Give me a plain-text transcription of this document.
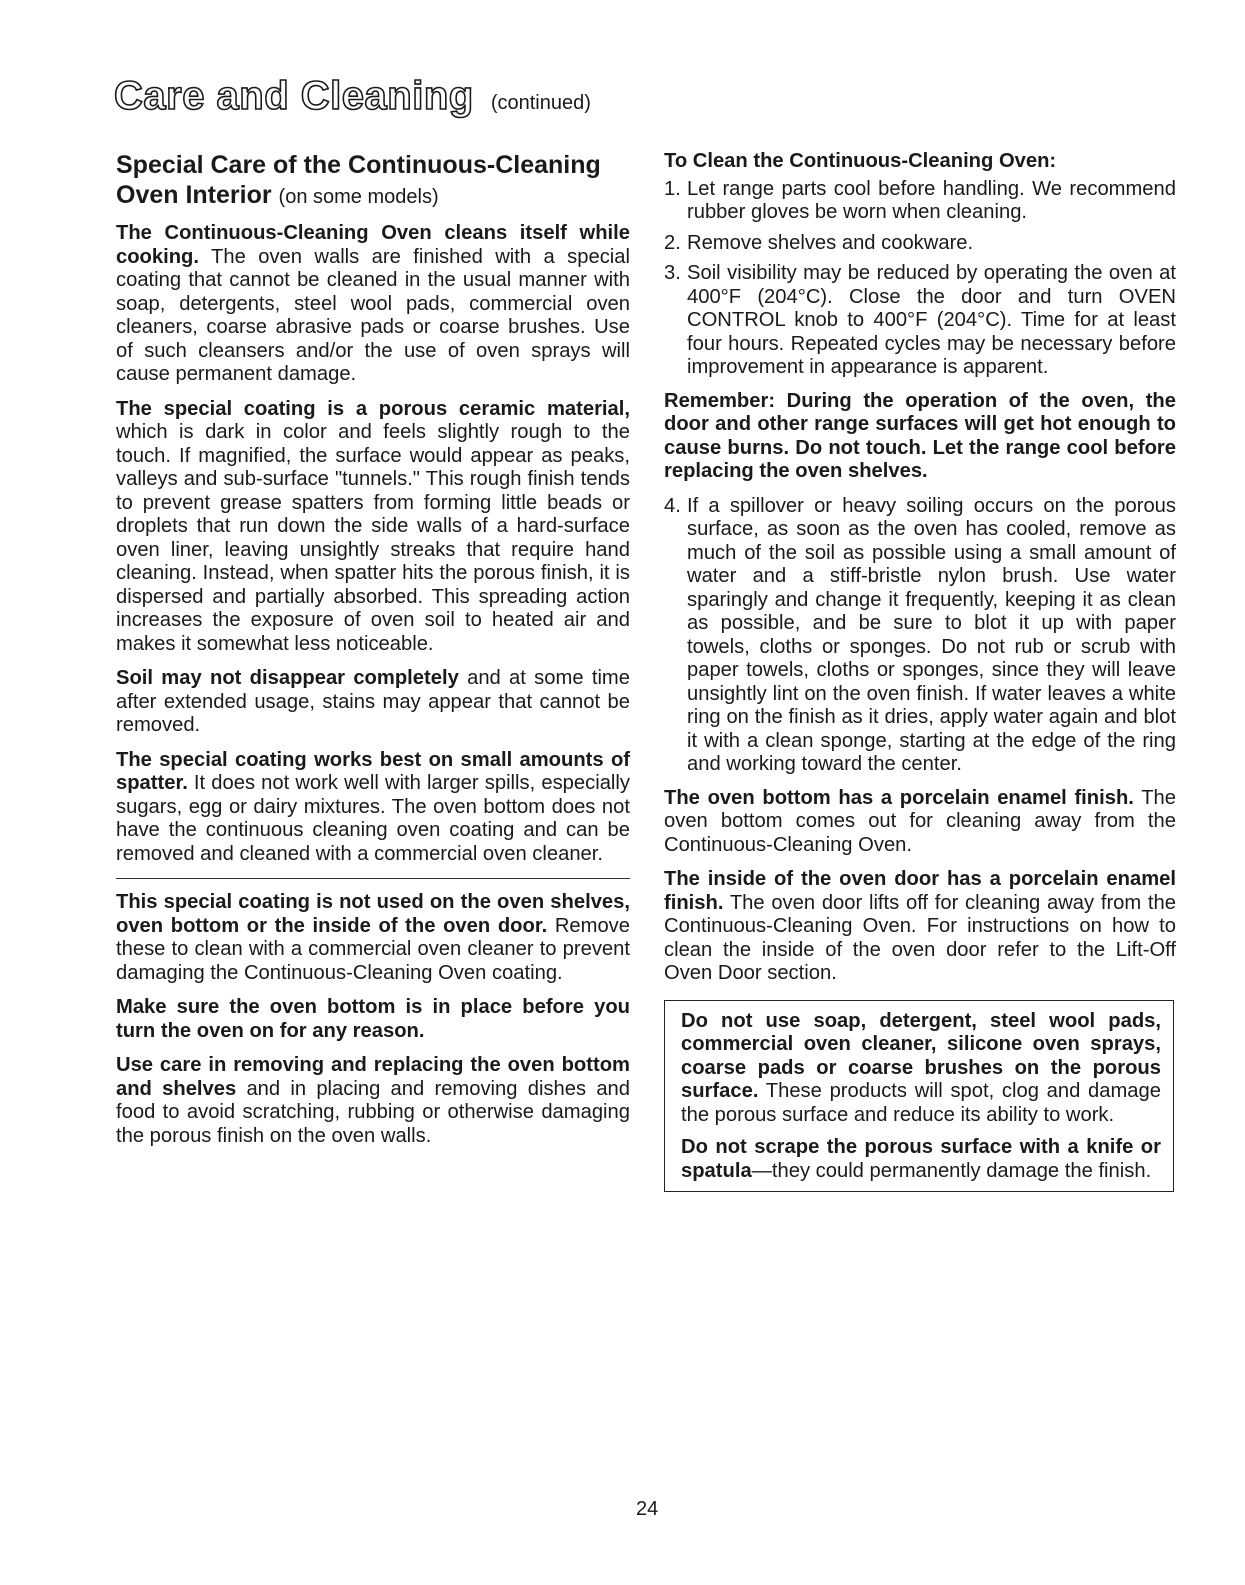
Care and Cleaning (continued)
Special Care of the Continuous-Cleaning Oven Interior (on some models)

The Continuous-Cleaning Oven cleans itself while cooking. The oven walls are finished with a special coating that cannot be cleaned in the usual manner with soap, detergents, steel wool pads, commercial oven cleaners, coarse abrasive pads or coarse brushes. Use of such cleansers and/or the use of oven sprays will cause permanent damage.

The special coating is a porous ceramic material, which is dark in color and feels slightly rough to the touch. If magnified, the surface would appear as peaks, valleys and sub-surface "tunnels." This rough finish tends to prevent grease spatters from forming little beads or droplets that run down the side walls of a hard-surface oven liner, leaving unsightly streaks that require hand cleaning. Instead, when spatter hits the porous finish, it is dispersed and partially absorbed. This spreading action increases the exposure of oven soil to heated air and makes it somewhat less noticeable.

Soil may not disappear completely and at some time after extended usage, stains may appear that cannot be removed.

The special coating works best on small amounts of spatter. It does not work well with larger spills, especially sugars, egg or dairy mixtures. The oven bottom does not have the continuous cleaning oven coating and can be removed and cleaned with a commercial oven cleaner.

This special coating is not used on the oven shelves, oven bottom or the inside of the oven door. Remove these to clean with a commercial oven cleaner to prevent damaging the Continuous-Cleaning Oven coating.

Make sure the oven bottom is in place before you turn the oven on for any reason.

Use care in removing and replacing the oven bottom and shelves and in placing and removing dishes and food to avoid scratching, rubbing or otherwise damaging the porous finish on the oven walls.

To Clean the Continuous-Cleaning Oven:
1. Let range parts cool before handling. We recommend rubber gloves be worn when cleaning.
2. Remove shelves and cookware.
3. Soil visibility may be reduced by operating the oven at 400°F (204°C). Close the door and turn OVEN CONTROL knob to 400°F (204°C). Time for at least four hours. Repeated cycles may be necessary before improvement in appearance is apparent.

Remember: During the operation of the oven, the door and other range surfaces will get hot enough to cause burns. Do not touch. Let the range cool before replacing the oven shelves.

4. If a spillover or heavy soiling occurs on the porous surface, as soon as the oven has cooled, remove as much of the soil as possible using a small amount of water and a stiff-bristle nylon brush. Use water sparingly and change it frequently, keeping it as clean as possible, and be sure to blot it up with paper towels, cloths or sponges. Do not rub or scrub with paper towels, cloths or sponges, since they will leave unsightly lint on the oven finish. If water leaves a white ring on the finish as it dries, apply water again and blot it with a clean sponge, starting at the edge of the ring and working toward the center.

The oven bottom has a porcelain enamel finish. The oven bottom comes out for cleaning away from the Continuous-Cleaning Oven.

The inside of the oven door has a porcelain enamel finish. The oven door lifts off for cleaning away from the Continuous-Cleaning Oven. For instructions on how to clean the inside of the oven door refer to the Lift-Off Oven Door section.

Do not use soap, detergent, steel wool pads, commercial oven cleaner, silicone oven sprays, coarse pads or coarse brushes on the porous surface. These products will spot, clog and damage the porous surface and reduce its ability to work.

Do not scrape the porous surface with a knife or spatula—they could permanently damage the finish.

24
